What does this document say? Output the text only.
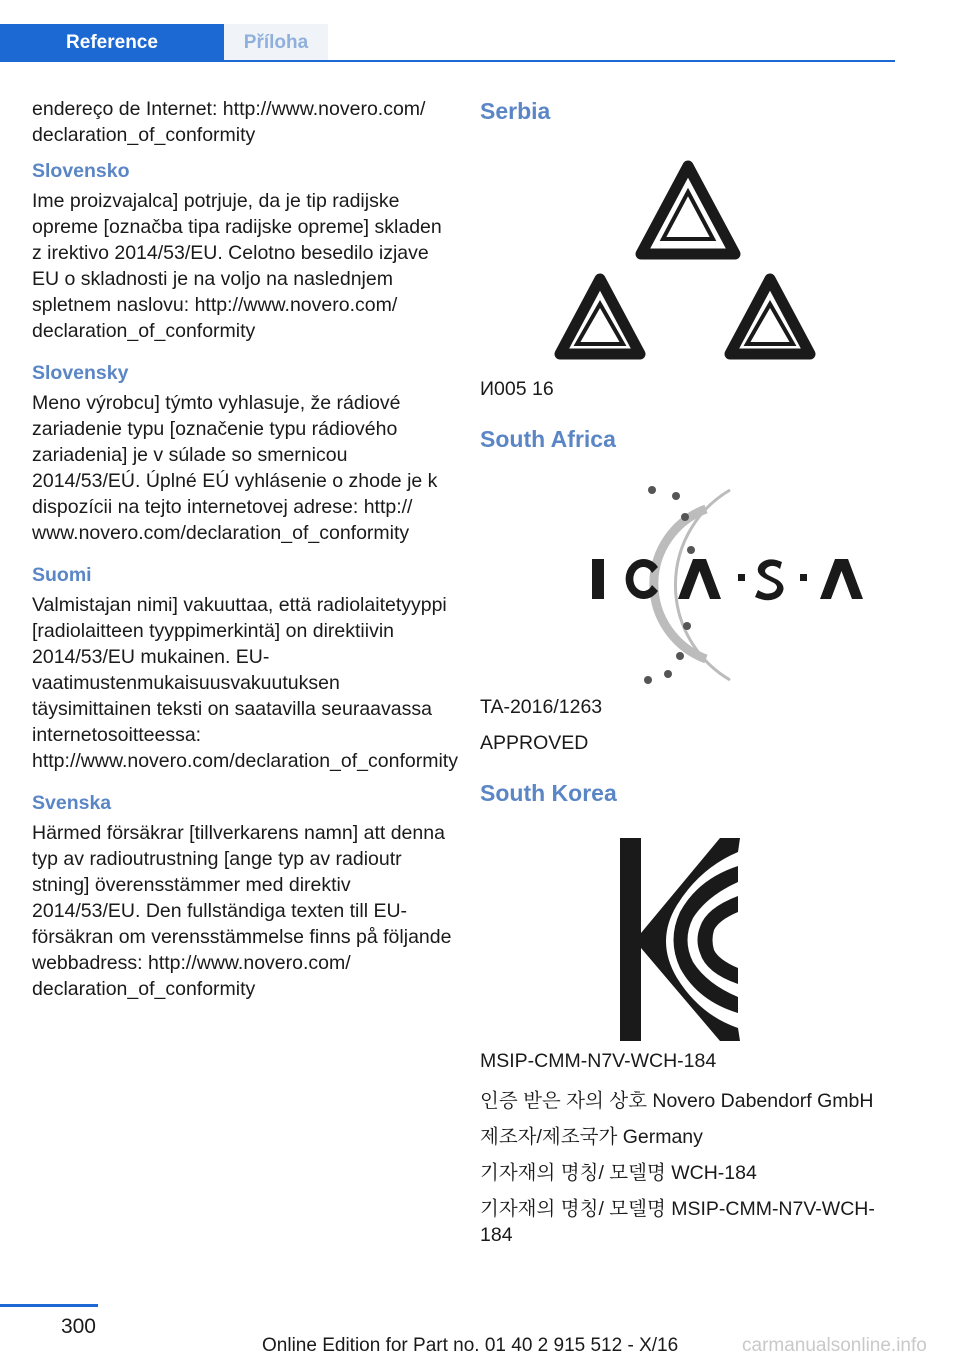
Reference	Příloha

endereço de Internet: http://www.novero.com/ declaration_of_conformity

Slovensko

Ime proizvajalca] potrjuje, da je tip radijske opreme [označba tipa radijske opreme] skladen z irektivo 2014/53/EU. Celotno besedilo izjave EU o skladnosti je na voljo na naslednjem spletnem naslovu: http://www.novero.com/ declaration_of_conformity

Slovensky

Meno výrobcu] týmto vyhlasuje, že rádiové zariadenie typu [označenie typu rádiového zariadenia] je v súlade so smernicou 2014/53/EÚ. Úplné EÚ vyhlásenie o zhode je k dispozícii na tejto internetovej adrese: http:// www.novero.com/declaration_of_conformity

Suomi

Valmistajan nimi] vakuuttaa, että radiolaitetyyppi [radiolaitteen tyyppimerkintä] on direktiivin 2014/53/EU mukainen. EU-vaatimustenmukaisuusvakuutuksen täysimittainen teksti on saatavilla seuraavassa internetosoitteessa: http://www.novero.com/declaration_of_conformity

Svenska

Härmed försäkrar [tillverkarens namn] att denna typ av radioutrustning [ange typ av radioutr stning] överensstämmer med direktiv 2014/53/EU. Den fullständiga texten till EU-försäkran om verensstämmelse finns på följande webbadress: http://www.novero.com/ declaration_of_conformity

Serbia

И005 16

South Africa

TA-2016/1263

APPROVED

South Korea

MSIP-CMM-N7V-WCH-184

인증 받은 자의 상호 Novero Dabendorf GmbH

제조자/제조국가 Germany

기자재의 명칭/ 모델명 WCH-184

기자재의 명칭/ 모델명 MSIP-CMM-N7V-WCH-184

300
Online Edition for Part no. 01 40 2 915 512 - X/16	carmanualsonline.info
